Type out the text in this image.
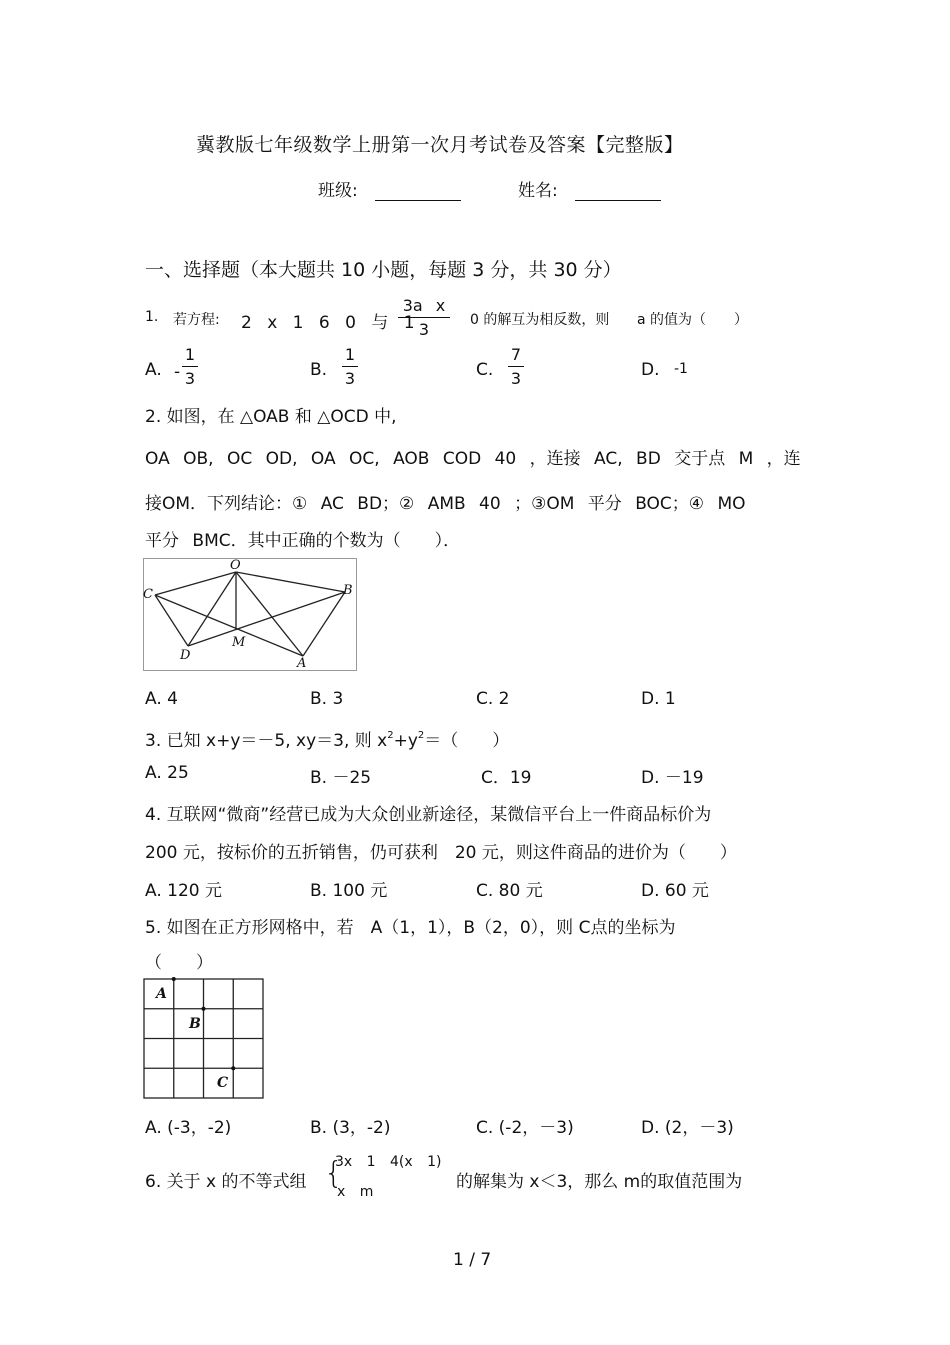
冀教版七年级数学上册第一次月考试卷及答案【完整版】
班级:	姓名:
一、选择题（本大题共 10 小题，每题 3 分，共 30 分）
1. 若方程: 2 x 1 6 0 与 1
3a x
3	0 的解互为相反数，则 a 的值为（　　）
A. -
1
3	B.
1
3	C.
7
3	D. -1
2. 如图，在 △OAB 和 △OCD 中,
OA OB, OC OD, OA OC, AOB COD 40 ，连接 AC, BD 交于点 M ，连
接OM．下列结论：① AC BD；② AMB 40 ；③OM 平分 BOC；④ MO
平分 BMC．其中正确的个数为（　　）．
O
C	B
M
D
A
A. 4	B. 3	C. 2	D. 1
3. 已知 x+y＝－5, xy＝3, 则 $x^2+y^2=$（　　）
A. 25	B. －25	C．19	D. －19
4. 互联网“微商”经营已成为大众创业新途径，某微信平台上一件商品标价为
200 元，按标价的五折销售，仍可获利　20 元，则这件商品的进价为（　　）
A. 120 元	B. 100 元	C. 80 元	D. 60 元
5. 如图在正方形网格中，若　A（1，1），B（2，0），则 C点的坐标为
（　　）
A
B
C
A. (-3，-2)	B. (3，-2)	C. (-2，－3)	D. (2，－3)
6. 关于 x 的不等式组 {
3x 1 4(x 1)
x m	的解集为 x＜3，那么 m的取值范围为
1 / 7
